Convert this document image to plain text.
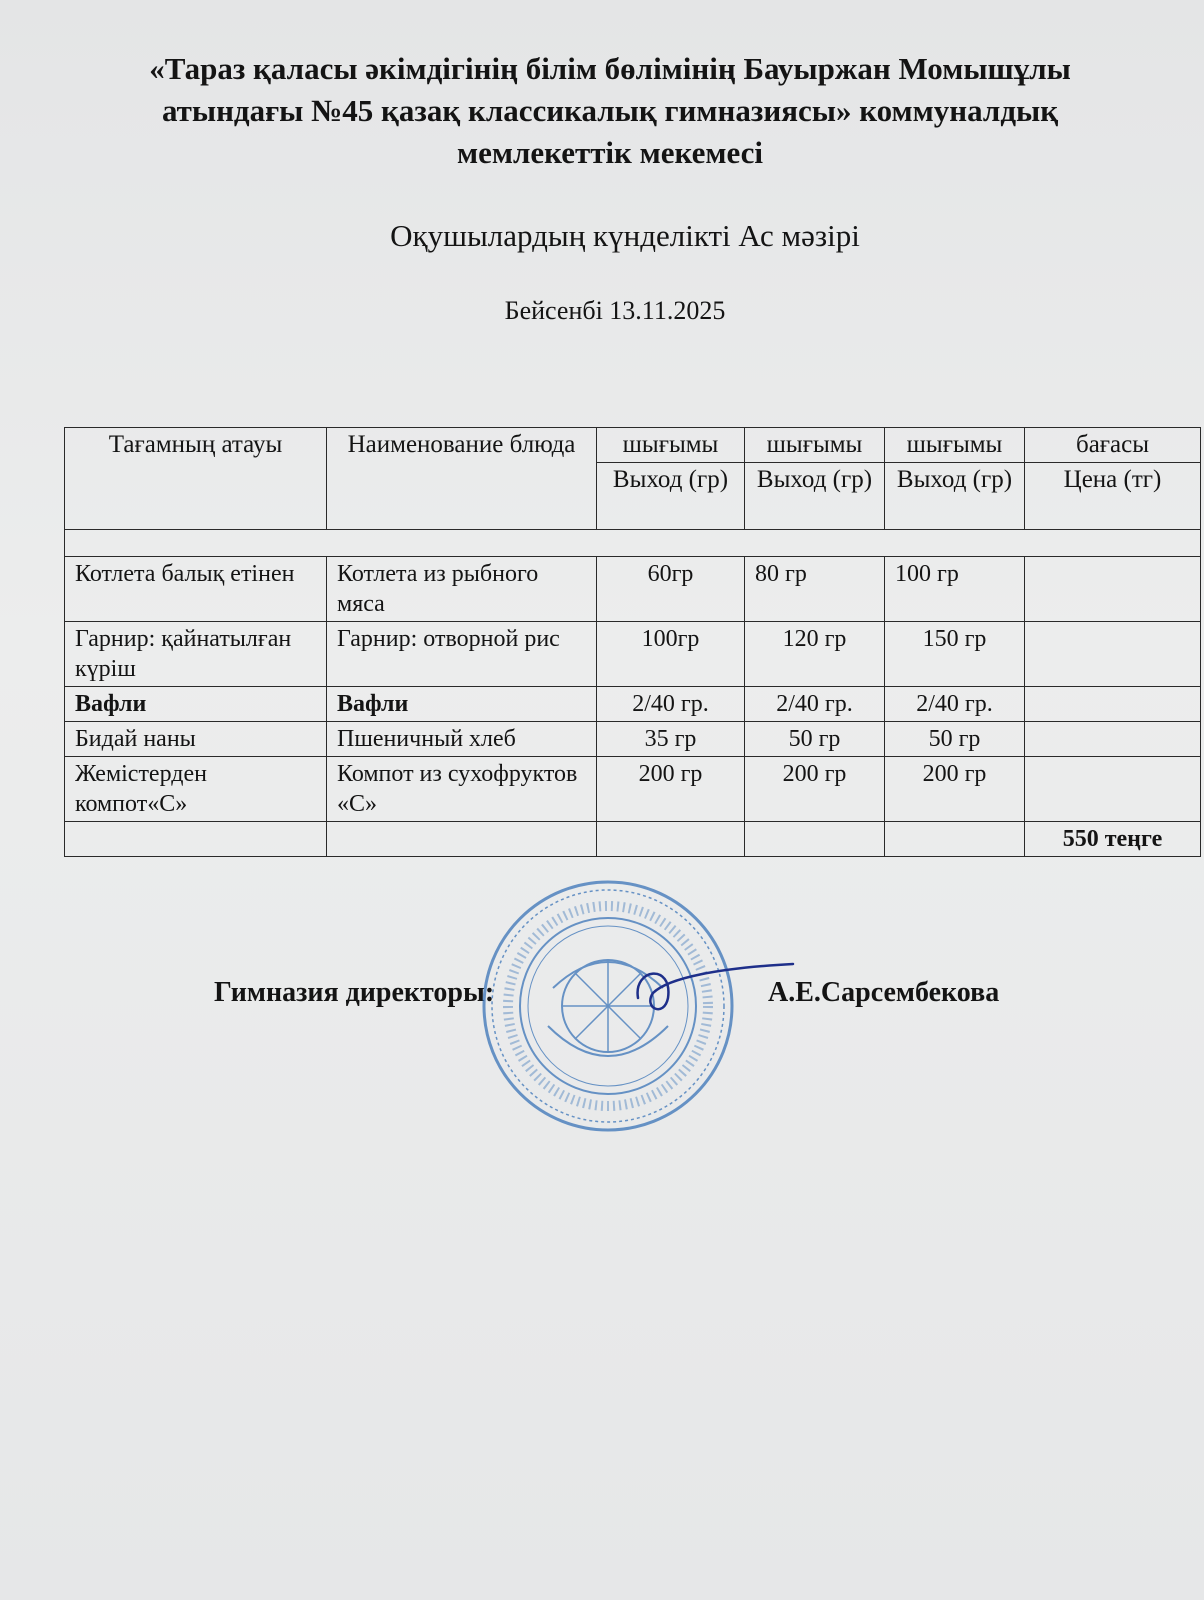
«Тараз қаласы әкімдігінің білім бөлімінің Бауыржан Момышұлы
атындағы №45 қазақ классикалық гимназиясы» коммуналдық
мемлекеттік мекемесі
Оқушылардың күнделікті Ас мәзірі
Бейсенбі 13.11.2025
Тағамның атауы	Наименование блюда	шығымы	шығымы	шығымы	бағасы
		Выход (гр)	Выход (гр)	Выход (гр)	Цена (тг)

Котлета балық етінен	Котлета из рыбного мяса	60гр	80 гр	100 гр	
Гарнир: қайнатылған күріш	Гарнир: отворной рис	100гр	120 гр	150 гр	
Вафли	Вафли	2/40 гр.	2/40 гр.	2/40 гр.	
Бидай наны	Пшеничный хлеб	35 гр	50 гр	50 гр	
Жемістерден компот«С»	Компот из сухофруктов «С»	200 гр	200 гр	200 гр	
					550 теңге
Гимназия директоры:	А.Е.Сарсембекова
